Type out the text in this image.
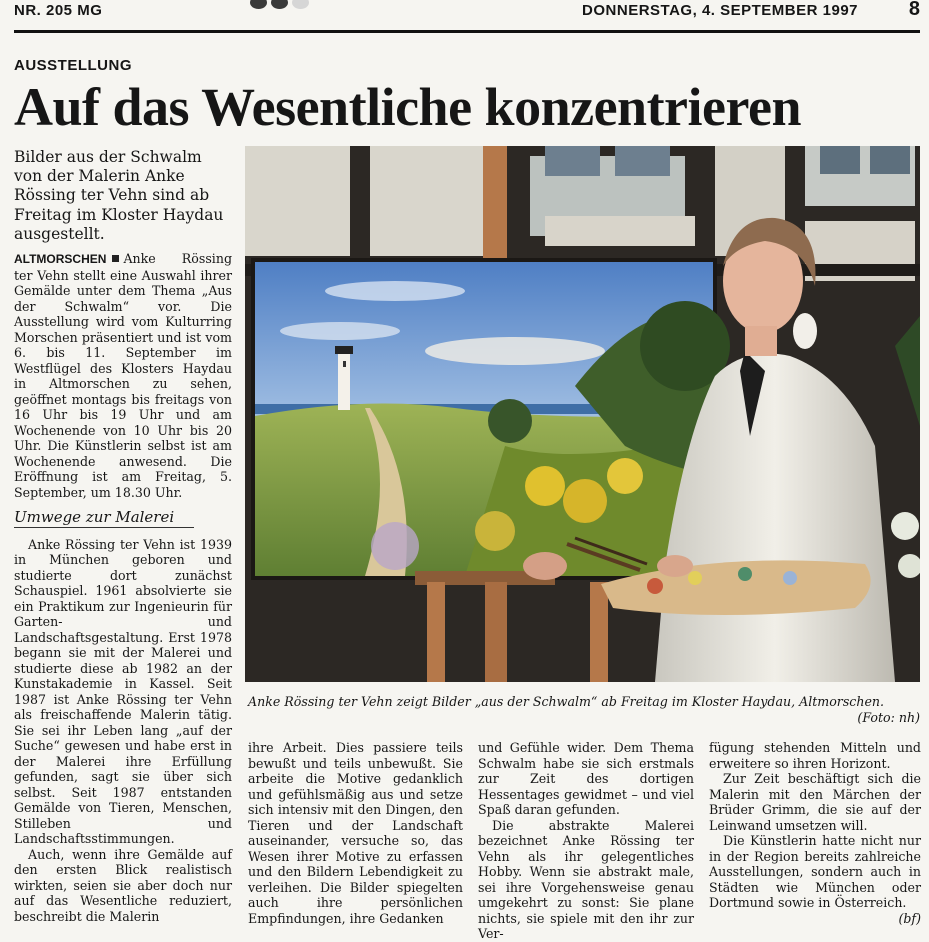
NR. 205 MG	DONNERSTAG, 4. SEPTEMBER 1997	8
AUSSTELLUNG
Auf das Wesentliche konzentrieren
Bilder aus der Schwalm von der Malerin Anke Rössing ter Vehn sind ab Freitag im Kloster Haydau ausgestellt.

ALTMORSCHEN Anke Rössing ter Vehn stellt eine Auswahl ihrer Gemälde unter dem Thema „Aus der Schwalm“ vor. Die Ausstellung wird vom Kulturring Morschen präsentiert und ist vom 6. bis 11. September im Westflügel des Klosters Haydau in Altmorschen zu sehen, geöffnet montags bis freitags von 16 Uhr bis 19 Uhr und am Wochenende von 10 Uhr bis 20 Uhr. Die Künstlerin selbst ist am Wochenende anwesend. Die Eröffnung ist am Freitag, 5. September, um 18.30 Uhr.

Umwege zur Malerei

Anke Rössing ter Vehn ist 1939 in München geboren und studierte dort zunächst Schauspiel. 1961 absolvierte sie ein Praktikum zur Ingenieurin für Garten- und Landschaftsgestaltung. Erst 1978 begann sie mit der Malerei und studierte diese ab 1982 an der Kunstakademie in Kassel. Seit 1987 ist Anke Rössing ter Vehn als freischaffende Malerin tätig. Sie sei ihr Leben lang „auf der Suche“ gewesen und habe erst in der Malerei ihre Erfüllung gefunden, sagt sie über sich selbst. Seit 1987 entstanden Gemälde von Tieren, Menschen, Stilleben und Landschaftsstimmungen.

Auch, wenn ihre Gemälde auf den ersten Blick realistisch wirkten, seien sie aber doch nur auf das Wesentliche reduziert, beschreibt die Malerin

Anke Rössing ter Vehn zeigt Bilder „aus der Schwalm“ ab Freitag im Kloster Haydau, Altmorschen.
(Foto: nh)

ihre Arbeit. Dies passiere teils bewußt und teils unbewußt. Sie arbeite die Motive gedanklich und gefühlsmäßig aus und setze sich intensiv mit den Dingen, den Tieren und der Landschaft auseinander, versuche so, das Wesen ihrer Motive zu erfassen und den Bildern Lebendigkeit zu verleihen. Die Bilder spiegelten auch ihre persönlichen Empfindungen, ihre Gedanken

und Gefühle wider. Dem Thema Schwalm habe sie sich erstmals zur Zeit des dortigen Hessentages gewidmet – und viel Spaß daran gefunden.

Die abstrakte Malerei bezeichnet Anke Rössing ter Vehn als ihr gelegentliches Hobby. Wenn sie abstrakt male, sei ihre Vorgehensweise genau umgekehrt zu sonst: Sie plane nichts, sie spiele mit den ihr zur Ver-

fügung stehenden Mitteln und erweitere so ihren Horizont.

Zur Zeit beschäftigt sich die Malerin mit den Märchen der Brüder Grimm, die sie auf der Leinwand umsetzen will.

Die Künstlerin hatte nicht nur in der Region bereits zahlreiche Ausstellungen, sondern auch in Städten wie München oder Dortmund sowie in Österreich.
(bf)
